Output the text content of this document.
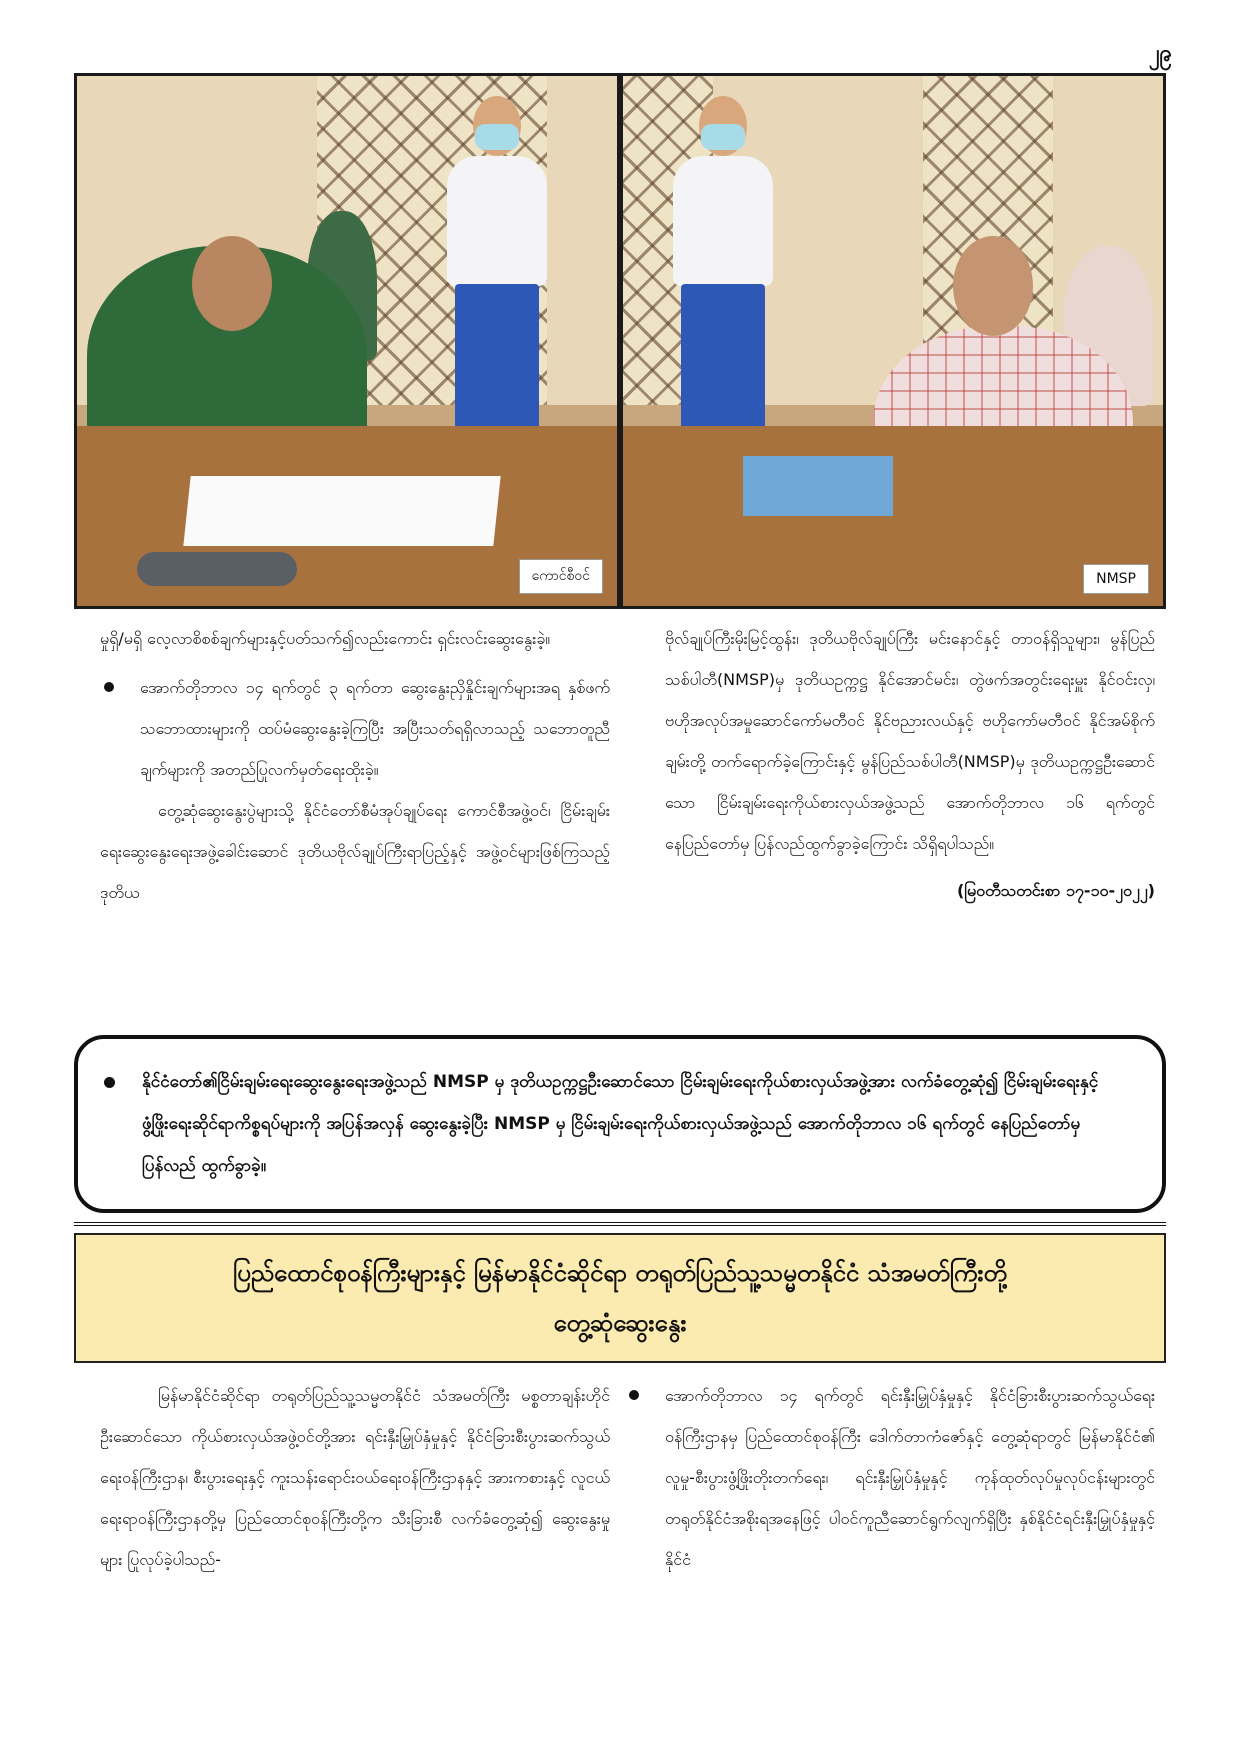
၂၉
ကောင်စီဝင်	NMSP

မှုရှိ/မရှိ လေ့လာစိစစ်ချက်များနှင့်ပတ်သက်၍လည်းကောင်း ရှင်းလင်းဆွေးနွေးခဲ့။

အောက်တိုဘာလ ၁၄ ရက်တွင် ၃ ရက်တာ ဆွေးနွေးညှိနှိုင်းချက်များအရ နှစ်ဖက်သဘောထားများကို ထပ်မံဆွေးနွေးခဲ့ကြပြီး အပြီးသတ်ရရှိလာသည့် သဘောတူညီချက်များကို အတည်ပြုလက်မှတ်ရေးထိုးခဲ့။

တွေ့ဆုံဆွေးနွေးပွဲများသို့ နိုင်ငံတော်စီမံအုပ်ချုပ်ရေး ကောင်စီအဖွဲ့ဝင်၊ ငြိမ်းချမ်းရေးဆွေးနွေးရေးအဖွဲ့ခေါင်းဆောင် ဒုတိယဗိုလ်ချုပ်ကြီးရာပြည့်နှင့် အဖွဲ့ဝင်များဖြစ်ကြသည့် ဒုတိယ

ဗိုလ်ချုပ်ကြီးမိုးမြင့်ထွန်း၊ ဒုတိယဗိုလ်ချုပ်ကြီး မင်းနောင်နှင့် တာဝန်ရှိသူများ၊ မွန်ပြည်သစ်ပါတီ(NMSP)မှ ဒုတိယဥက္ကဋ္ဌ နိုင်အောင်မင်း၊ တွဲဖက်အတွင်းရေးမှူး နိုင်ဝင်းလှ၊ ဗဟိုအလုပ်အမှုဆောင်ကော်မတီဝင် နိုင်ဗညားလယ်နှင့် ဗဟိုကော်မတီဝင် နိုင်အမ်စိုက်ချမ်းတို့ တက်ရောက်ခဲ့ကြောင်းနှင့် မွန်ပြည်သစ်ပါတီ(NMSP)မှ ဒုတိယဥက္ကဋ္ဌဦးဆောင်သော ငြိမ်းချမ်းရေးကိုယ်စားလှယ်အဖွဲ့သည် အောက်တိုဘာလ ၁၆ ရက်တွင် နေပြည်တော်မှ ပြန်လည်ထွက်ခွာခဲ့ကြောင်း သိရှိရပါသည်။

(မြဝတီသတင်းစာ ၁၇-၁၀-၂၀၂၂)

နိုင်ငံတော်၏ငြိမ်းချမ်းရေးဆွေးနွေးရေးအဖွဲ့သည် NMSP မှ ဒုတိယဥက္ကဋ္ဌဦးဆောင်သော ငြိမ်းချမ်းရေးကိုယ်စားလှယ်အဖွဲ့အား လက်ခံတွေ့ဆုံ၍ ငြိမ်းချမ်းရေးနှင့် ဖွံ့ဖြိုးရေးဆိုင်ရာကိစ္စရပ်များကို အပြန်အလှန် ဆွေးနွေးခဲ့ပြီး NMSP မှ ငြိမ်းချမ်းရေးကိုယ်စားလှယ်အဖွဲ့သည် အောက်တိုဘာလ ၁၆ ရက်တွင် နေပြည်တော်မှ ပြန်လည် ထွက်ခွာခဲ့။
ပြည်ထောင်စုဝန်ကြီးများနှင့် မြန်မာနိုင်ငံဆိုင်ရာ တရုတ်ပြည်သူ့သမ္မတနိုင်ငံ သံအမတ်ကြီးတို့
တွေ့ဆုံဆွေးနွေး

မြန်မာနိုင်ငံဆိုင်ရာ တရုတ်ပြည်သူ့သမ္မတနိုင်ငံ သံအမတ်ကြီး မစ္စတာချန်းဟိုင် ဦးဆောင်သော ကိုယ်စားလှယ်အဖွဲ့ဝင်တို့အား ရင်းနှီးမြှုပ်နှံမှုနှင့် နိုင်ငံခြားစီးပွားဆက်သွယ်ရေးဝန်ကြီးဌာန၊ စီးပွားရေးနှင့် ကူးသန်းရောင်းဝယ်ရေးဝန်ကြီးဌာနနှင့် အားကစားနှင့် လူငယ်ရေးရာဝန်ကြီးဌာနတို့မှ ပြည်ထောင်စုဝန်ကြီးတို့က သီးခြားစီ လက်ခံတွေ့ဆုံ၍ ဆွေးနွေးမှုများ ပြုလုပ်ခဲ့ပါသည်-

အောက်တိုဘာလ ၁၄ ရက်တွင် ရင်းနှီးမြှုပ်နှံမှုနှင့် နိုင်ငံခြားစီးပွားဆက်သွယ်ရေးဝန်ကြီးဌာနမှ ပြည်ထောင်စုဝန်ကြီး ဒေါက်တာကံဇော်နှင့် တွေ့ဆုံရာတွင် မြန်မာနိုင်ငံ၏ လူမှု-စီးပွားဖွံ့ဖြိုးတိုးတက်ရေး၊ ရင်းနှီးမြှုပ်နှံမှုနှင့် ကုန်ထုတ်လုပ်မှုလုပ်ငန်းများတွင် တရုတ်နိုင်ငံအစိုးရအနေဖြင့် ပါဝင်ကူညီဆောင်ရွက်လျက်ရှိပြီး နှစ်နိုင်ငံရင်းနှီးမြှုပ်နှံမှုနှင့် နိုင်ငံ
